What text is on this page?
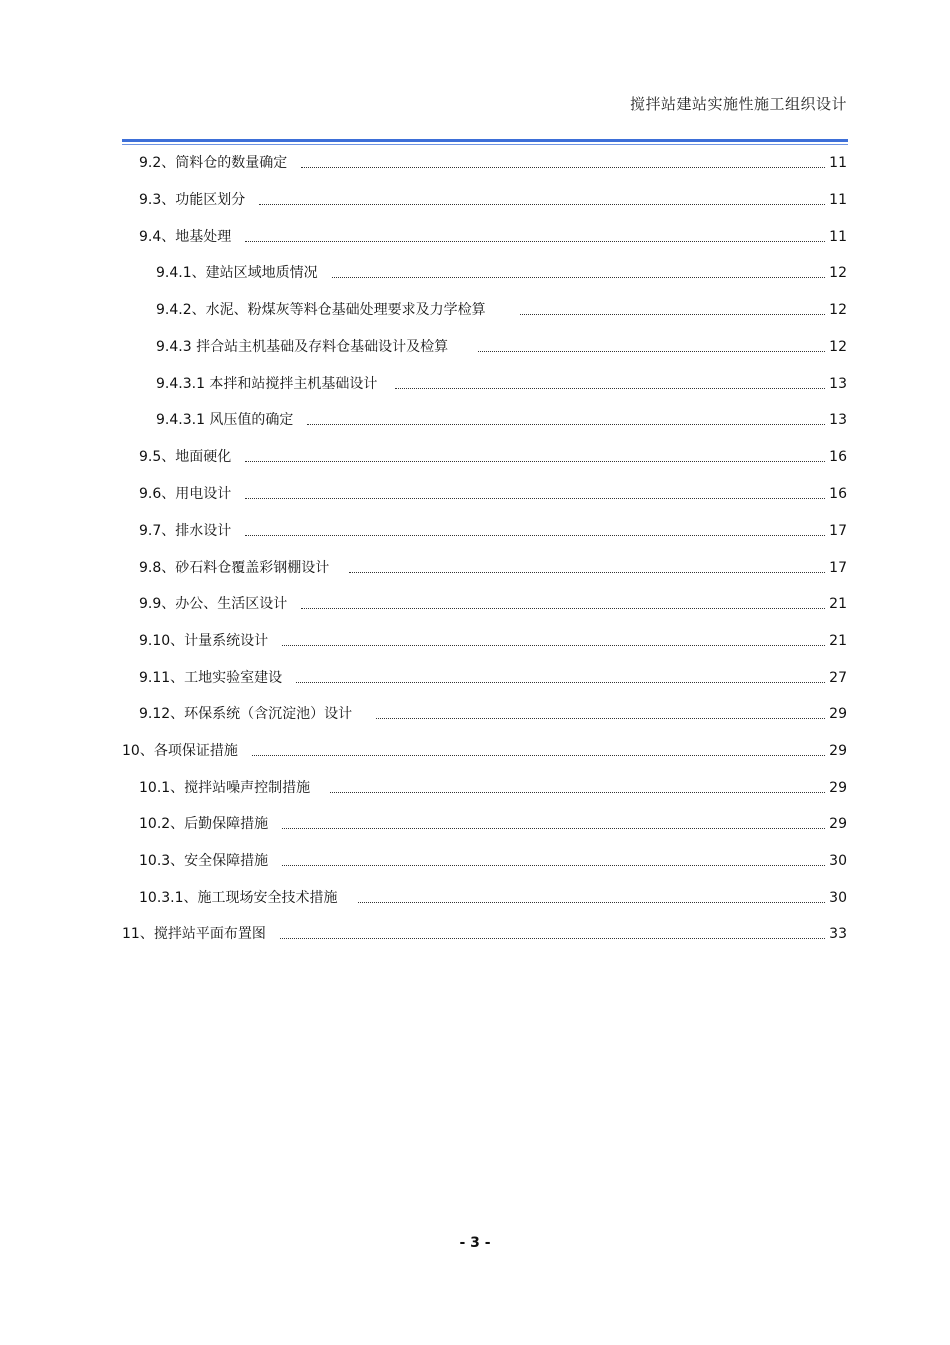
搅拌站建站实施性施工组织设计
9.2、筒料仓的数量确定	11
9.3、功能区划分	11
9.4、地基处理	11
9.4.1、建站区域地质情况	12
9.4.2、水泥、粉煤灰等料仓基础处理要求及力学检算	12
9.4.3 拌合站主机基础及存料仓基础设计及检算	12
9.4.3.1 本拌和站搅拌主机基础设计	13
9.4.3.1 风压值的确定	13
9.5、地面硬化	16
9.6、用电设计	16
9.7、排水设计	17
9.8、砂石料仓覆盖彩钢棚设计	17
9.9、办公、生活区设计	21
9.10、计量系统设计	21
9.11、工地实验室建设	27
9.12、环保系统（含沉淀池）设计	29
10、各项保证措施	29
10.1、搅拌站噪声控制措施	29
10.2、后勤保障措施	29
10.3、安全保障措施	30
10.3.1、施工现场安全技术措施	30
11、搅拌站平面布置图	33
- 3 -
